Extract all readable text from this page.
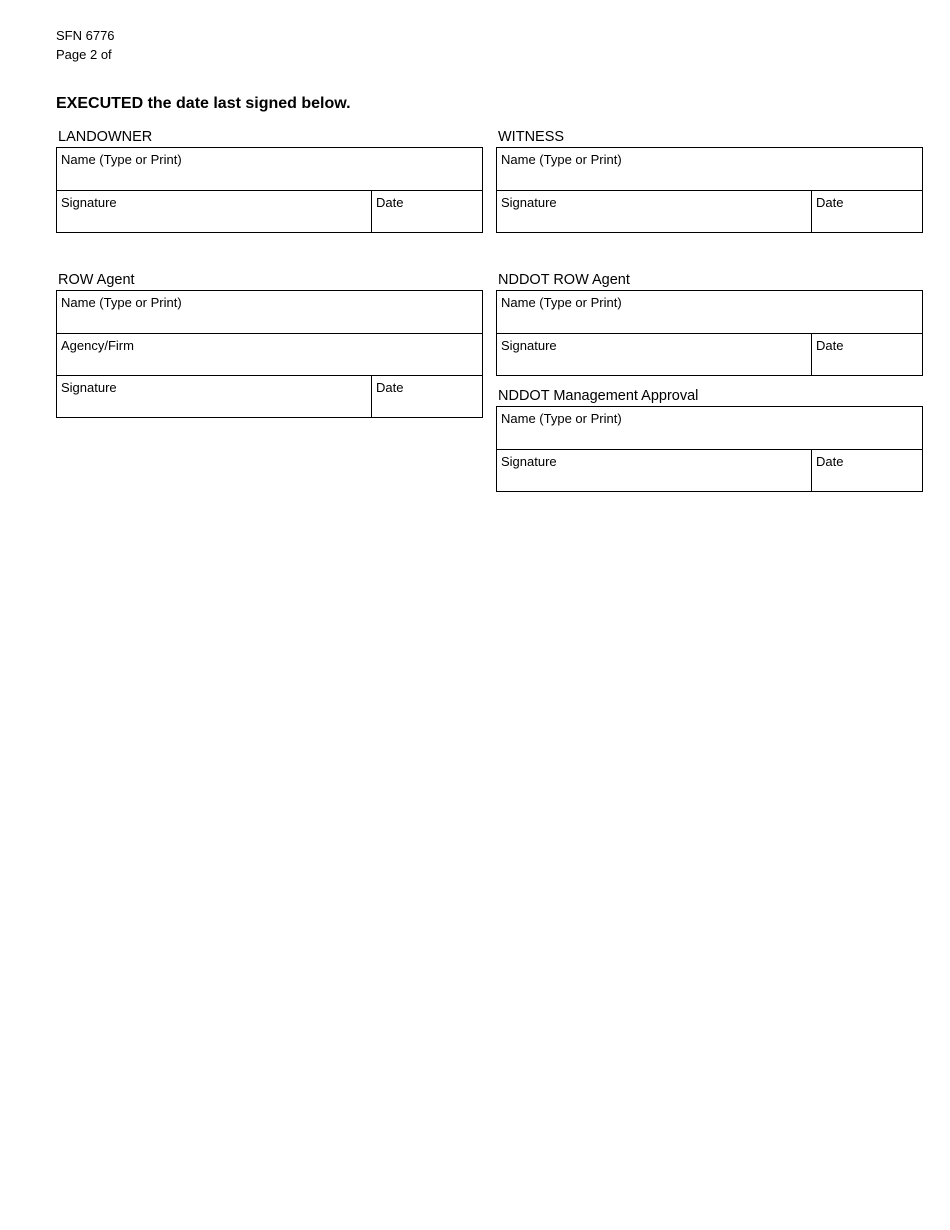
SFN 6776
Page 2 of
EXECUTED the date last signed below.
LANDOWNER
Name (Type or Print)
Signature	Date
WITNESS
Name (Type or Print)
Signature	Date
ROW Agent
Name (Type or Print)
Agency/Firm
Signature	Date
NDDOT ROW Agent
Name (Type or Print)
Signature	Date
NDDOT Management Approval
Name (Type or Print)
Signature	Date
